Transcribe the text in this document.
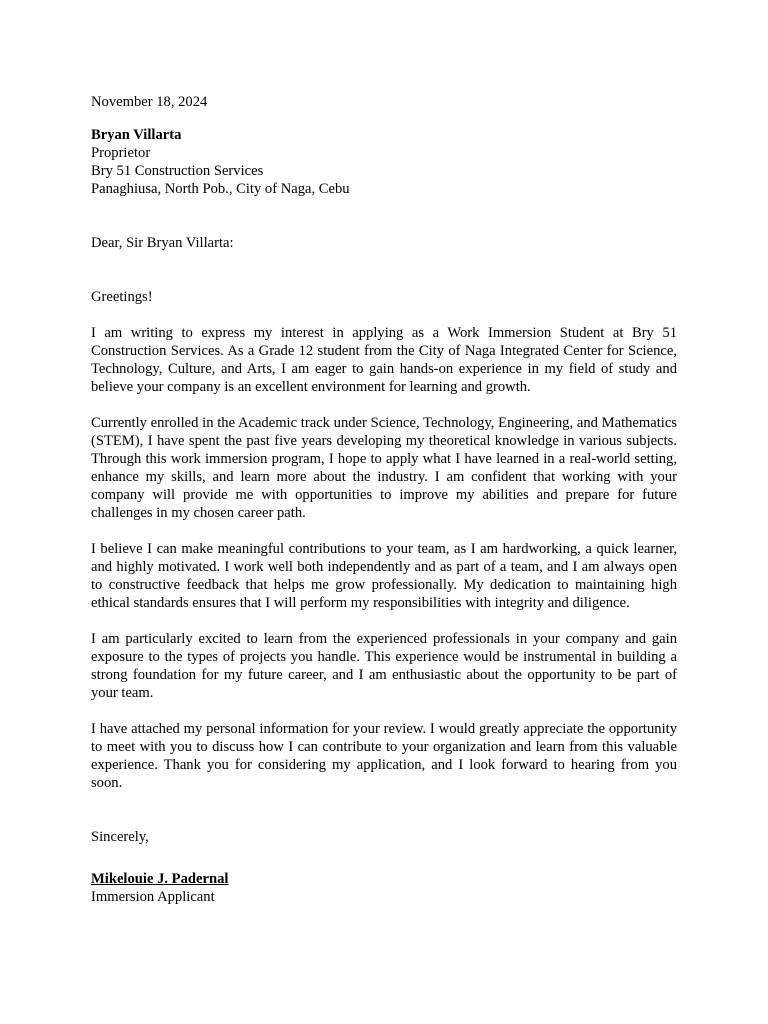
November 18, 2024
Bryan Villarta
Proprietor
Bry 51 Construction Services
Panaghiusa, North Pob., City of Naga, Cebu
Dear, Sir Bryan Villarta:
Greetings!

I am writing to express my interest in applying as a Work Immersion Student at Bry 51 Construction Services. As a Grade 12 student from the City of Naga Integrated Center for Science, Technology, Culture, and Arts, I am eager to gain hands-on experience in my field of study and believe your company is an excellent environment for learning and growth.

Currently enrolled in the Academic track under Science, Technology, Engineering, and Mathematics (STEM), I have spent the past five years developing my theoretical knowledge in various subjects. Through this work immersion program, I hope to apply what I have learned in a real-world setting, enhance my skills, and learn more about the industry. I am confident that working with your company will provide me with opportunities to improve my abilities and prepare for future challenges in my chosen career path.

I believe I can make meaningful contributions to your team, as I am hardworking, a quick learner, and highly motivated. I work well both independently and as part of a team, and I am always open to constructive feedback that helps me grow professionally. My dedication to maintaining high ethical standards ensures that I will perform my responsibilities with integrity and diligence.

I am particularly excited to learn from the experienced professionals in your company and gain exposure to the types of projects you handle. This experience would be instrumental in building a strong foundation for my future career, and I am enthusiastic about the opportunity to be part of your team.

I have attached my personal information for your review. I would greatly appreciate the opportunity to meet with you to discuss how I can contribute to your organization and learn from this valuable experience. Thank you for considering my application, and I look forward to hearing from you soon.

Sincerely,
Mikelouie J. Padernal
Immersion Applicant
